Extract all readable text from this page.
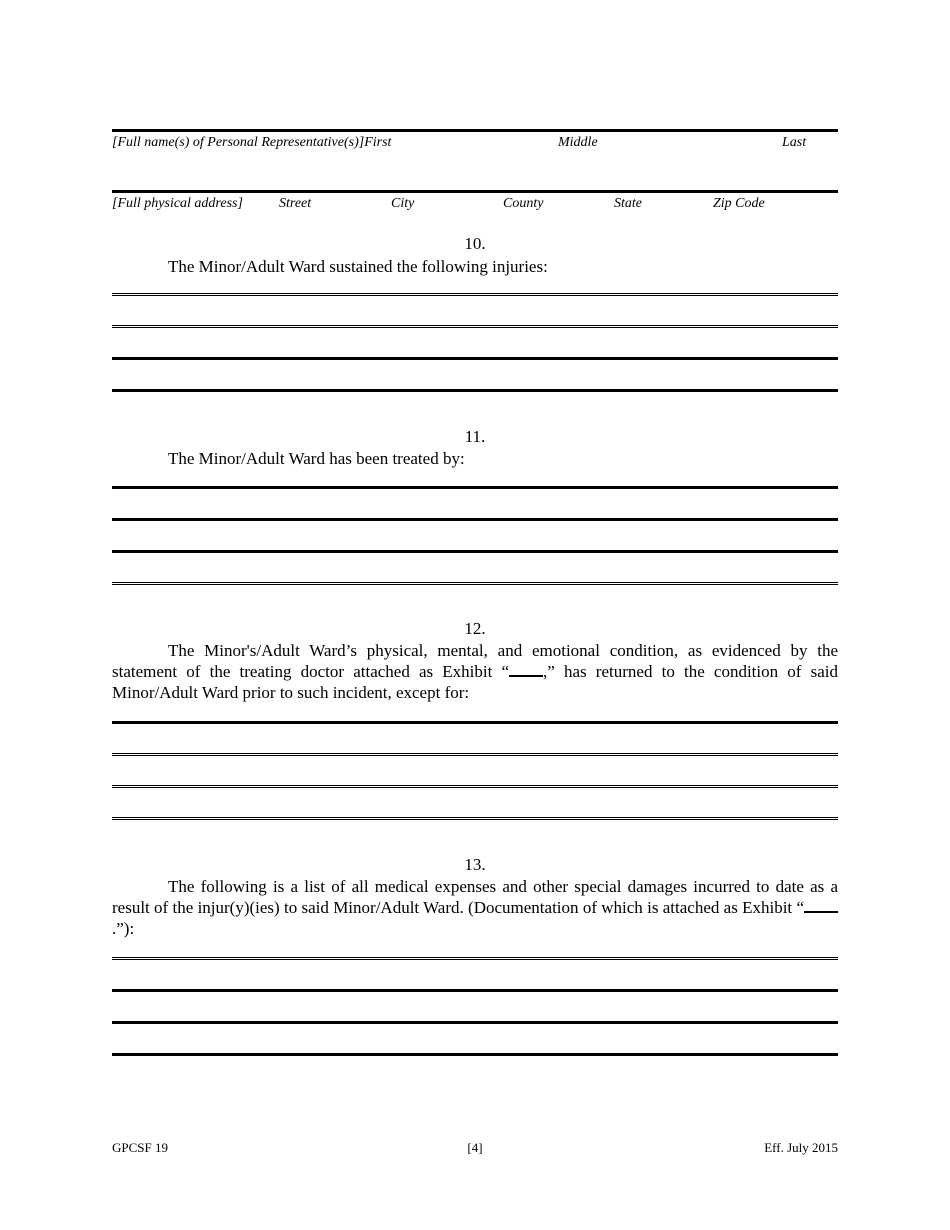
[Full name(s) of Personal Representative(s)]First	Middle	Last
[Full physical address]	Street	City	County	State	Zip Code
10.
The Minor/Adult Ward sustained the following injuries:
11.
The Minor/Adult Ward has been treated by:
12.
The Minor's/Adult Ward’s physical, mental, and emotional condition, as evidenced by the statement of the treating doctor attached as Exhibit “ ,” has returned to the condition of said Minor/Adult Ward prior to such incident, except for:
13.
The following is a list of all medical expenses and other special damages incurred to date as a result of the injur(y)(ies) to said Minor/Adult Ward. (Documentation of which is attached as Exhibit “.”):
GPCSF 19	[4]	Eff. July 2015
